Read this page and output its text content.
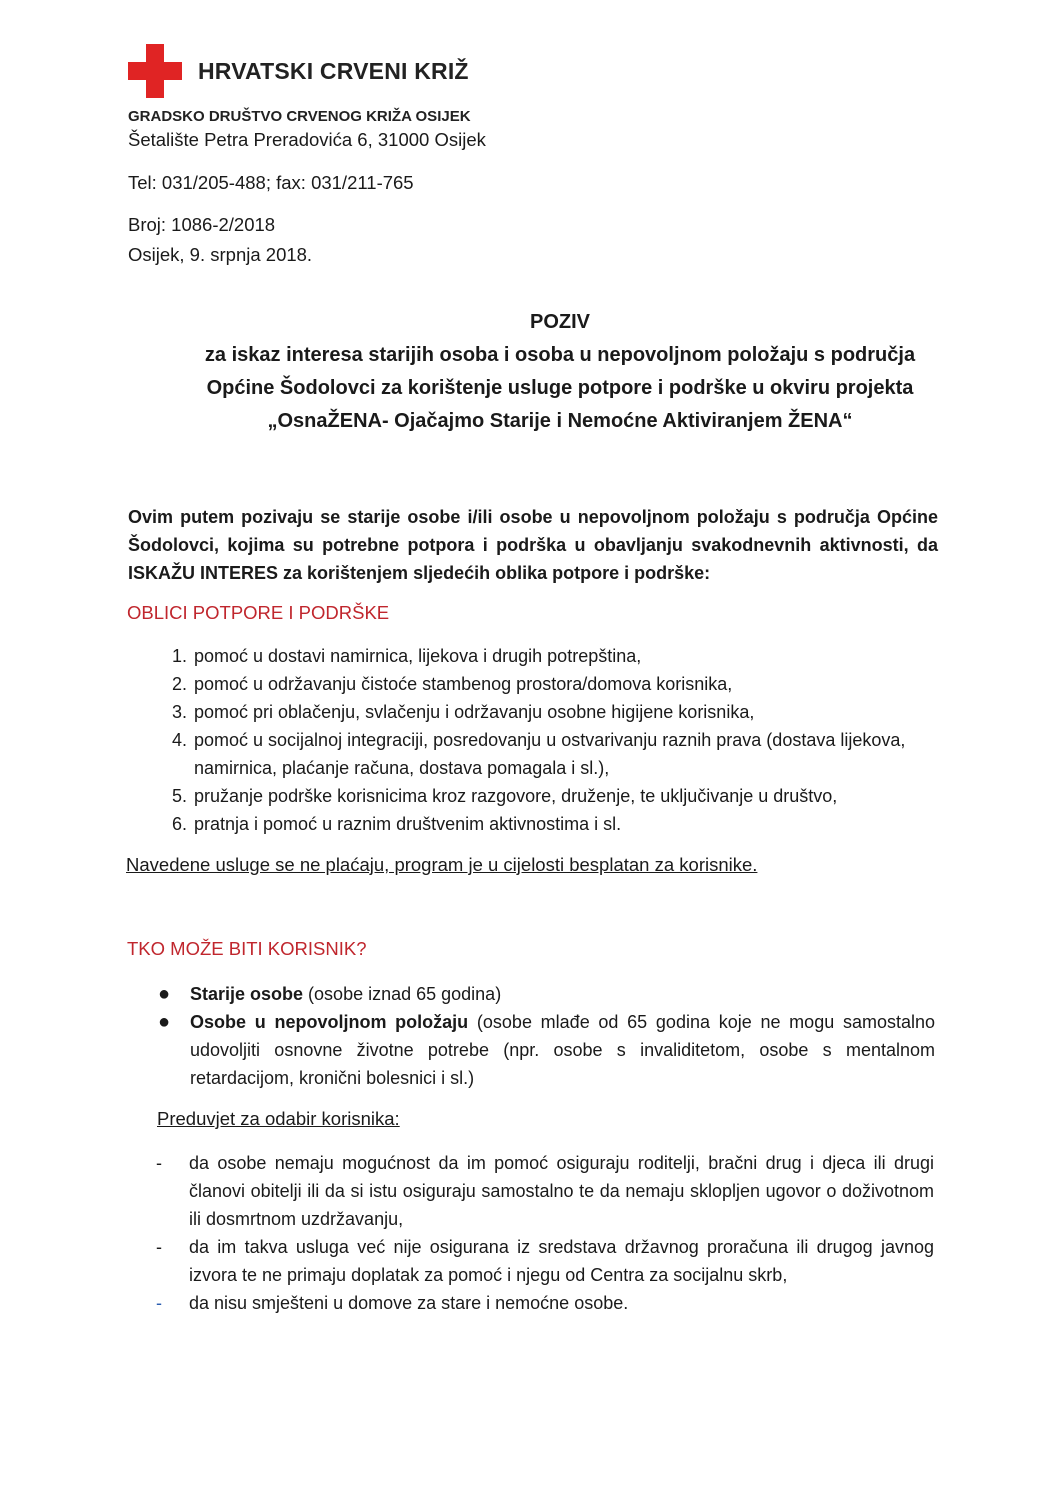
HRVATSKI CRVENI KRIŽ
GRADSKO DRUŠTVO CRVENOG KRIŽA OSIJEK
Šetalište Petra Preradovića 6, 31000 Osijek
Tel: 031/205-488; fax: 031/211-765
Broj: 1086-2/2018
Osijek, 9. srpnja 2018.
POZIV
za iskaz interesa starijih osoba i osoba u nepovoljnom položaju s područja
Općine Šodolovci za korištenje usluge potpore i podrške u okviru projekta
„OsnaŽENA- Ojačajmo Starije i Nemoćne Aktiviranjem ŽENA“
Ovim putem pozivaju se starije osobe i/ili osobe u nepovoljnom položaju s područja Općine Šodolovci, kojima su potrebne potpora i podrška u obavljanju svakodnevnih aktivnosti, da ISKAŽU INTERES za korištenjem sljedećih oblika potpore i podrške:
OBLICI POTPORE I PODRŠKE
1. pomoć u dostavi namirnica, lijekova i drugih potrepština,
2. pomoć u održavanju čistoće stambenog prostora/domova korisnika,
3. pomoć pri oblačenju, svlačenju i održavanju osobne higijene korisnika,
4. pomoć u socijalnoj integraciji, posredovanju u ostvarivanju raznih prava (dostava lijekova, namirnica, plaćanje računa, dostava pomagala i sl.),
5. pružanje podrške korisnicima kroz razgovore, druženje, te uključivanje u društvo,
6. pratnja i pomoć u raznim društvenim aktivnostima i sl.
Navedene usluge se ne plaćaju, program je u cijelosti besplatan za korisnike.
TKO MOŽE BITI KORISNIK?
● Starije osobe (osobe iznad 65 godina)
● Osobe u nepovoljnom položaju (osobe mlađe od 65 godina koje ne mogu samostalno udovoljiti osnovne životne potrebe (npr. osobe s invaliditetom, osobe s mentalnom retardacijom, kronični bolesnici i sl.)
Preduvjet za odabir korisnika:
- da osobe nemaju mogućnost da im pomoć osiguraju roditelji, bračni drug i djeca ili drugi članovi obitelji ili da si istu osiguraju samostalno te da nemaju sklopljen ugovor o doživotnom ili dosmrtnom uzdržavanju,
- da im takva usluga već nije osigurana iz sredstava državnog proračuna ili drugog javnog izvora te ne primaju doplatak za pomoć i njegu od Centra za socijalnu skrb,
- da nisu smješteni u domove za stare i nemoćne osobe.
